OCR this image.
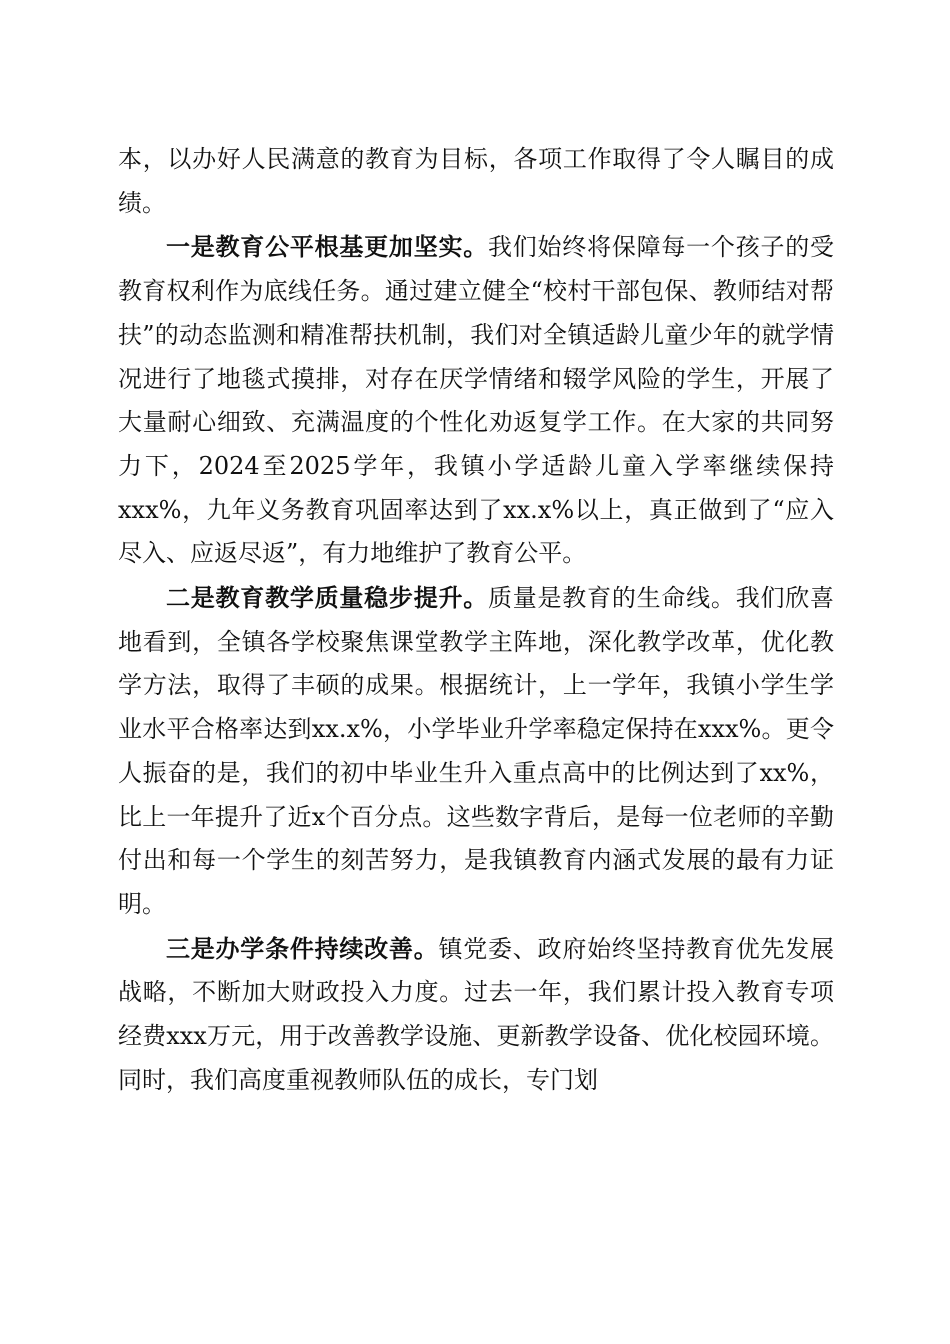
本，以办好人民满意的教育为目标，各项工作取得了令人瞩目的成绩。

一是教育公平根基更加坚实。我们始终将保障每一个孩子的受教育权利作为底线任务。通过建立健全“校村干部包保、教师结对帮扶”的动态监测和精准帮扶机制，我们对全镇适龄儿童少年的就学情况进行了地毯式摸排，对存在厌学情绪和辍学风险的学生，开展了大量耐心细致、充满温度的个性化劝返复学工作。在大家的共同努力下，2024至2025学年，我镇小学适龄儿童入学率继续保持xxx%，九年义务教育巩固率达到了xx.x%以上，真正做到了“应入尽入、应返尽返”，有力地维护了教育公平。

二是教育教学质量稳步提升。质量是教育的生命线。我们欣喜地看到，全镇各学校聚焦课堂教学主阵地，深化教学改革，优化教学方法，取得了丰硕的成果。根据统计，上一学年，我镇小学生学业水平合格率达到xx.x%，小学毕业升学率稳定保持在xxx%。更令人振奋的是，我们的初中毕业生升入重点高中的比例达到了xx%，比上一年提升了近x个百分点。这些数字背后，是每一位老师的辛勤付出和每一个学生的刻苦努力，是我镇教育内涵式发展的最有力证明。

三是办学条件持续改善。镇党委、政府始终坚持教育优先发展战略，不断加大财政投入力度。过去一年，我们累计投入教育专项经费xxx万元，用于改善教学设施、更新教学设备、优化校园环境。同时，我们高度重视教师队伍的成长，专门划
